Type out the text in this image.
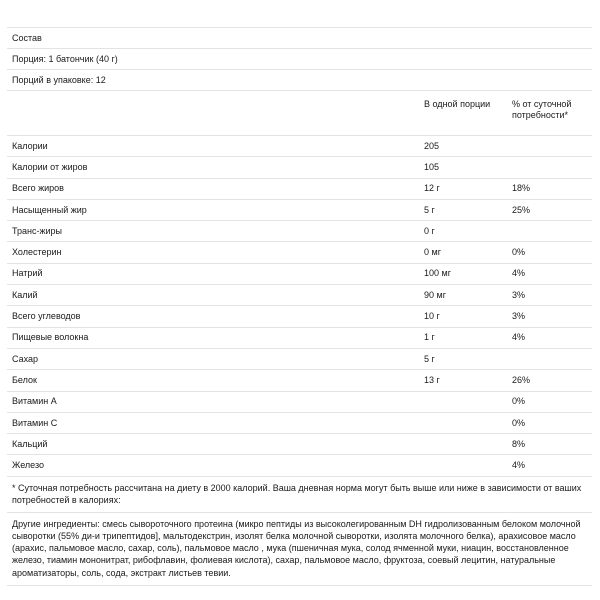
Состав		
Порция: 1 батончик (40 г)		
Порций в упаковке: 12		
	В одной порции	% от суточной потребности*
Калории	205	
Калории от жиров	105	
Всего жиров	12 г	18%
Насыщенный жир	5 г	25%
Транс-жиры	0 г	
Холестерин	0 мг	0%
Натрий	100 мг	4%
Калий	90 мг	3%
Всего углеводов	10 г	3%
Пищевые волокна	1 г	4%
Сахар	5 г	
Белок	13 г	26%
Витамин А		0%
Витамин С		0%
Кальций		8%
Железо		4%
* Суточная потребность рассчитана на диету в 2000 калорий. Ваша дневная норма могут быть выше или ниже в зависимости от ваших потребностей в калориях:
Другие ингредиенты: смесь сывороточного протеина (микро пептиды из высоколегированным DH гидролизованным белоком молочной сыворотки (55% ди-и трипептидов], мальтодекстрин, изолят белка молочной сыворотки, изолята молочного белка), арахисовое масло (арахис, пальмовое масло, сахар, соль), пальмовое масло , мука (пшеничная мука, солод ячменной муки, ниацин, восстановленное железо, тиамин мононитрат, рибофлавин, фолиевая кислота), сахар, пальмовое масло, фруктоза, соевый лецитин, натуральные ароматизаторы, соль, сода, экстракт листьев тевии.
